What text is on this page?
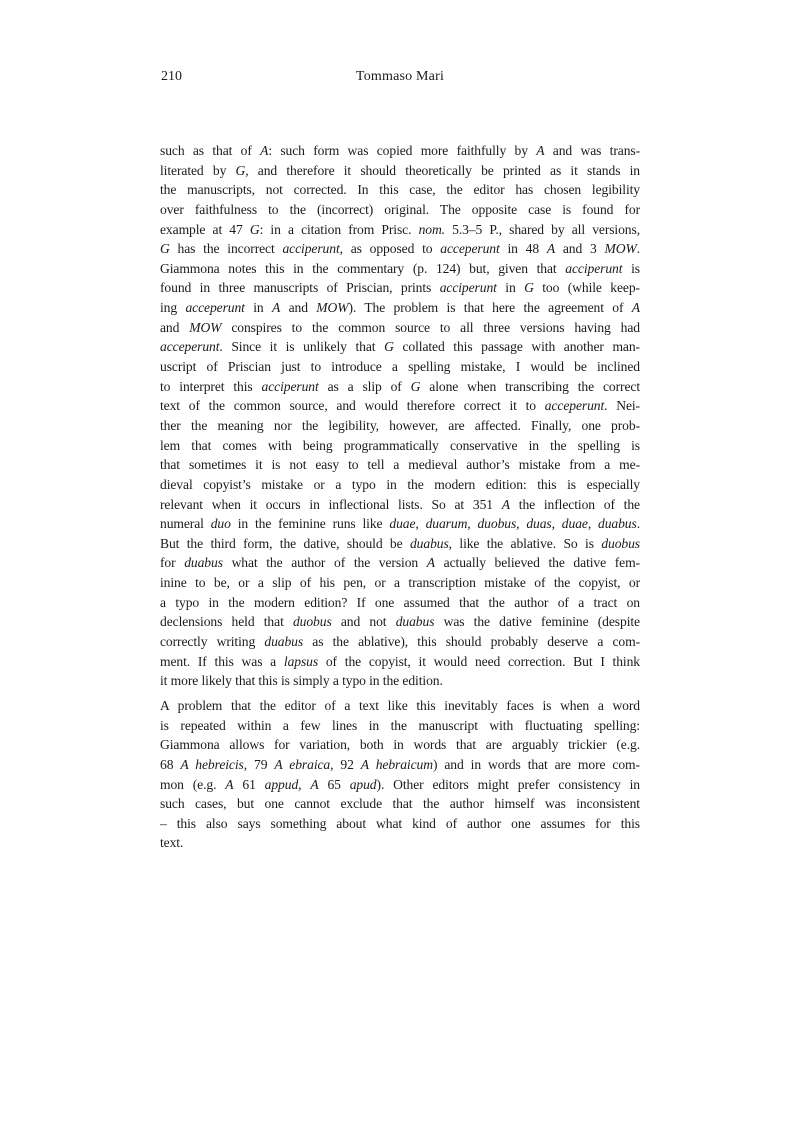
210	Tommaso Mari
such as that of A: such form was copied more faithfully by A and was trans-
literated by G, and therefore it should theoretically be printed as it stands in
the manuscripts, not corrected. In this case, the editor has chosen legibility
over faithfulness to the (incorrect) original. The opposite case is found for
example at 47 G: in a citation from Prisc. nom. 5.3–5 P., shared by all versions,
G has the incorrect acciperunt, as opposed to acceperunt in 48 A and 3 MOW.
Giammona notes this in the commentary (p. 124) but, given that acciperunt is
found in three manuscripts of Priscian, prints acciperunt in G too (while keep-
ing acceperunt in A and MOW). The problem is that here the agreement of A
and MOW conspires to the common source to all three versions having had
acceperunt. Since it is unlikely that G collated this passage with another man-
uscript of Priscian just to introduce a spelling mistake, I would be inclined
to interpret this acciperunt as a slip of G alone when transcribing the correct
text of the common source, and would therefore correct it to acceperunt. Nei-
ther the meaning nor the legibility, however, are affected. Finally, one prob-
lem that comes with being programmatically conservative in the spelling is
that sometimes it is not easy to tell a medieval author’s mistake from a me-
dieval copyist’s mistake or a typo in the modern edition: this is especially
relevant when it occurs in inflectional lists. So at 351 A the inflection of the
numeral duo in the feminine runs like duae, duarum, duobus, duas, duae, duabus.
But the third form, the dative, should be duabus, like the ablative. So is duobus
for duabus what the author of the version A actually believed the dative fem-
inine to be, or a slip of his pen, or a transcription mistake of the copyist, or
a typo in the modern edition? If one assumed that the author of a tract on
declensions held that duobus and not duabus was the dative feminine (despite
correctly writing duabus as the ablative), this should probably deserve a com-
ment. If this was a lapsus of the copyist, it would need correction. But I think
it more likely that this is simply a typo in the edition.
A problem that the editor of a text like this inevitably faces is when a word
is repeated within a few lines in the manuscript with fluctuating spelling:
Giammona allows for variation, both in words that are arguably trickier (e.g.
68 A hebreicis, 79 A ebraica, 92 A hebraicum) and in words that are more com-
mon (e.g. A 61 appud, A 65 apud). Other editors might prefer consistency in
such cases, but one cannot exclude that the author himself was inconsistent
– this also says something about what kind of author one assumes for this
text.
